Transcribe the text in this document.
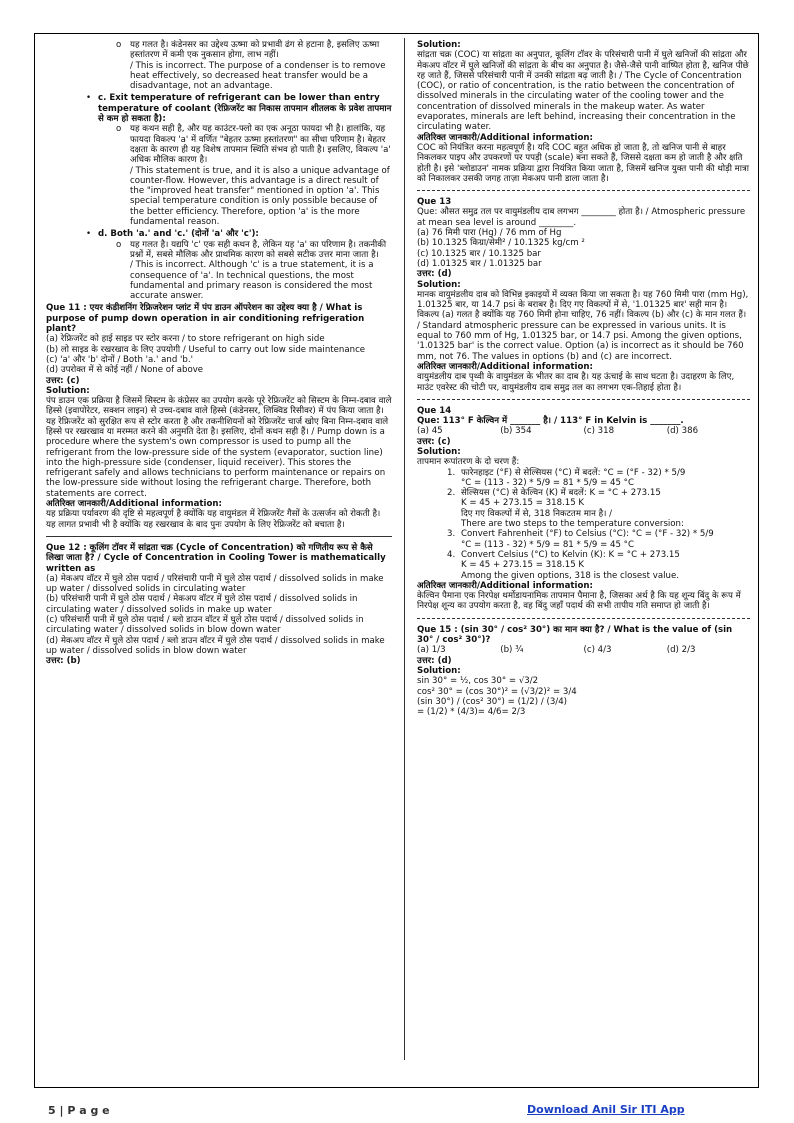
o यह गलत है। कंडेनसर का उद्देश्य ऊष्मा को प्रभावी ढंग से हटाना है, इसलिए ऊष्मा हस्तांतरण में कमी एक नुकसान होगा, लाभ नहीं।
/ This is incorrect. The purpose of a condenser is to remove heat effectively, so decreased heat transfer would be a disadvantage, not an advantage.
• c. Exit temperature of refrigerant can be lower than entry temperature of coolant (रेफ्रिजरेंट का निकास तापमान शीतलक के प्रवेश तापमान से कम हो सकता है):
o यह कथन सही है, और यह काउंटर-फ्लो का एक अनूठा फायदा भी है। हालांकि, यह फायदा विकल्प 'a' में वर्णित "बेहतर ऊष्मा हस्तांतरण" का सीधा परिणाम है। बेहतर दक्षता के कारण ही यह विशेष तापमान स्थिति संभव हो पाती है। इसलिए, विकल्प 'a' अधिक मौलिक कारण है।
/ This statement is true, and it is also a unique advantage of counter-flow. However, this advantage is a direct result of the "improved heat transfer" mentioned in option 'a'. This special temperature condition is only possible because of the better efficiency. Therefore, option 'a' is the more fundamental reason.
• d. Both 'a.' and 'c.' (दोनों 'a' और 'c'):
o यह गलत है। यद्यपि 'c' एक सही कथन है, लेकिन यह 'a' का परिणाम है। तकनीकी प्रश्नों में, सबसे मौलिक और प्राथमिक कारण को सबसे सटीक उत्तर माना जाता है।
/ This is incorrect. Although 'c' is a true statement, it is a consequence of 'a'. In technical questions, the most fundamental and primary reason is considered the most accurate answer.
Que 11 : एयर कंडीशनिंग रेफ्रिजरेशन प्लांट में पंप डाउन ऑपरेशन का उद्देश्य क्या है / What is purpose of pump down operation in air conditioning refrigeration plant?
(a) रेफ्रिजरेंट को हाई साइड पर स्टोर करना / to store refrigerant on high side
(b) लो साइड के रखरखाव के लिए उपयोगी / Useful to carry out low side maintenance
(c) 'a' और 'b' दोनों / Both 'a.' and 'b.'
(d) उपरोक्त में से कोई नहीं / None of above
उत्तर: (c)
Solution:
पंप डाउन एक प्रक्रिया है जिसमें सिस्टम के कंप्रेसर का उपयोग करके पूरे रेफ्रिजरेंट को सिस्टम के निम्न-दबाव वाले हिस्से (इवापोरेटर, सक्शन लाइन) से उच्च-दबाव वाले हिस्से (कंडेनसर, लिक्विड रिसीवर) में पंप किया जाता है। यह रेफ्रिजरेंट को सुरक्षित रूप से स्टोर करता है और तकनीशियनों को रेफ्रिजरेंट चार्ज खोए बिना निम्न-दबाव वाले हिस्से पर रखरखाव या मरम्मत करने की अनुमति देता है। इसलिए, दोनों कथन सही हैं। / Pump down is a procedure where the system's own compressor is used to pump all the refrigerant from the low-pressure side of the system (evaporator, suction line) into the high-pressure side (condenser, liquid receiver). This stores the refrigerant safely and allows technicians to perform maintenance or repairs on the low-pressure side without losing the refrigerant charge. Therefore, both statements are correct.
अतिरिक्त जानकारी/Additional information:
यह प्रक्रिया पर्यावरण की दृष्टि से महत्वपूर्ण है क्योंकि यह वायुमंडल में रेफ्रिजरेंट गैसों के उत्सर्जन को रोकती है। यह लागत प्रभावी भी है क्योंकि यह रखरखाव के बाद पुनः उपयोग के लिए रेफ्रिजरेंट को बचाता है।
Que 12 : कूलिंग टॉवर में सांद्रता चक्र (Cycle of Concentration) को गणितीय रूप से कैसे लिखा जाता है? / Cycle of Concentration in Cooling Tower is mathematically written as
(a) मेकअप वॉटर में घुले ठोस पदार्थ / परिसंचारी पानी में घुले ठोस पदार्थ / dissolved solids in make up water / dissolved solids in circulating water
(b) परिसंचारी पानी में घुले ठोस पदार्थ / मेकअप वॉटर में घुले ठोस पदार्थ / dissolved solids in circulating water / dissolved solids in make up water
(c) परिसंचारी पानी में घुले ठोस पदार्थ / ब्लो डाउन वॉटर में घुले ठोस पदार्थ / dissolved solids in circulating water / dissolved solids in blow down water
(d) मेकअप वॉटर में घुले ठोस पदार्थ / ब्लो डाउन वॉटर में घुले ठोस पदार्थ / dissolved solids in make up water / dissolved solids in blow down water
उत्तर: (b)
Solution:
सांद्रता चक्र (COC) या सांद्रता का अनुपात, कूलिंग टॉवर के परिसंचारी पानी में घुले खनिजों की सांद्रता और मेकअप वॉटर में घुले खनिजों की सांद्रता के बीच का अनुपात है। जैसे-जैसे पानी वाष्पित होता है, खनिज पीछे रह जाते हैं, जिससे परिसंचारी पानी में उनकी सांद्रता बढ़ जाती है। / The Cycle of Concentration (COC), or ratio of concentration, is the ratio between the concentration of dissolved minerals in the circulating water of the cooling tower and the concentration of dissolved minerals in the makeup water. As water evaporates, minerals are left behind, increasing their concentration in the circulating water.
अतिरिक्त जानकारी/Additional information:
COC को नियंत्रित करना महत्वपूर्ण है। यदि COC बहुत अधिक हो जाता है, तो खनिज पानी से बाहर निकलकर पाइप और उपकरणों पर पपड़ी (scale) बना सकते हैं, जिससे दक्षता कम हो जाती है और क्षति होती है। इसे 'ब्लोडाउन' नामक प्रक्रिया द्वारा नियंत्रित किया जाता है, जिसमें खनिज युक्त पानी की थोड़ी मात्रा को निकालकर उसकी जगह ताज़ा मेकअप पानी डाला जाता है।
Que 13
Que: औसत समुद्र तल पर वायुमंडलीय दाब लगभग ________ होता है। / Atmospheric pressure at mean sea level is around ________.
(a) 76 मिमी पारा (Hg) / 76 mm of Hg
(b) 10.1325 किग्रा/सेमी² / 10.1325 kg/cm ²
(c) 10.1325 बार / 10.1325 bar
(d) 1.01325 बार / 1.01325 bar
उत्तर: (d)
Solution:
मानक वायुमंडलीय दाब को विभिन्न इकाइयों में व्यक्त किया जा सकता है। यह 760 मिमी पारा (mm Hg), 1.01325 बार, या 14.7 psi के बराबर है। दिए गए विकल्पों में से, '1.01325 बार' सही मान है। विकल्प (a) गलत है क्योंकि यह 760 मिमी होना चाहिए, 76 नहीं। विकल्प (b) और (c) के मान गलत हैं। / Standard atmospheric pressure can be expressed in various units. It is equal to 760 mm of Hg, 1.01325 bar, or 14.7 psi. Among the given options, '1.01325 bar' is the correct value. Option (a) is incorrect as it should be 760 mm, not 76. The values in options (b) and (c) are incorrect.
अतिरिक्त जानकारी/Additional information:
वायुमंडलीय दाब पृथ्वी के वायुमंडल के भीतर का दाब है। यह ऊंचाई के साथ घटता है। उदाहरण के लिए, माउंट एवरेस्ट की चोटी पर, वायुमंडलीय दाब समुद्र तल का लगभग एक-तिहाई होता है।
Que 14
Que: 113° F केल्विन में _______ है। / 113° F in Kelvin is _______.
(a) 45	(b) 354	(c) 318	(d) 386
उत्तर: (c)
Solution:
तापमान रूपांतरण के दो चरण हैं:
1. फारेनहाइट (°F) से सेल्सियस (°C) में बदलें: °C = (°F - 32) * 5/9
°C = (113 - 32) * 5/9 = 81 * 5/9 = 45 °C
2. सेल्सियस (°C) से केल्विन (K) में बदलें: K = °C + 273.15
K = 45 + 273.15 = 318.15 K
दिए गए विकल्पों में से, 318 निकटतम मान है। /
There are two steps to the temperature conversion:
3. Convert Fahrenheit (°F) to Celsius (°C): °C = (°F - 32) * 5/9
°C = (113 - 32) * 5/9 = 81 * 5/9 = 45 °C
4. Convert Celsius (°C) to Kelvin (K): K = °C + 273.15
K = 45 + 273.15 = 318.15 K
Among the given options, 318 is the closest value.
अतिरिक्त जानकारी/Additional information:
केल्विन पैमाना एक निरपेक्ष थर्मोडायनामिक तापमान पैमाना है, जिसका अर्थ है कि यह शून्य बिंदु के रूप में निरपेक्ष शून्य का उपयोग करता है, वह बिंदु जहाँ पदार्थ की सभी तापीय गति समाप्त हो जाती है।
Que 15 : (sin 30° / cos² 30°) का मान क्या है? / What is the value of (sin 30° / cos² 30°)?
(a) 1/3	(b) ¾	(c) 4/3	(d) 2/3
उत्तर: (d)
Solution:
sin 30° = ½, cos 30° = √3/2
cos² 30° = (cos 30°)² = (√3/2)² = 3/4
(sin 30°) / (cos² 30°) = (1/2) / (3/4)
= (1/2) * (4/3)= 4/6= 2/3
5 | P a g e	Download Anil Sir ITI App
